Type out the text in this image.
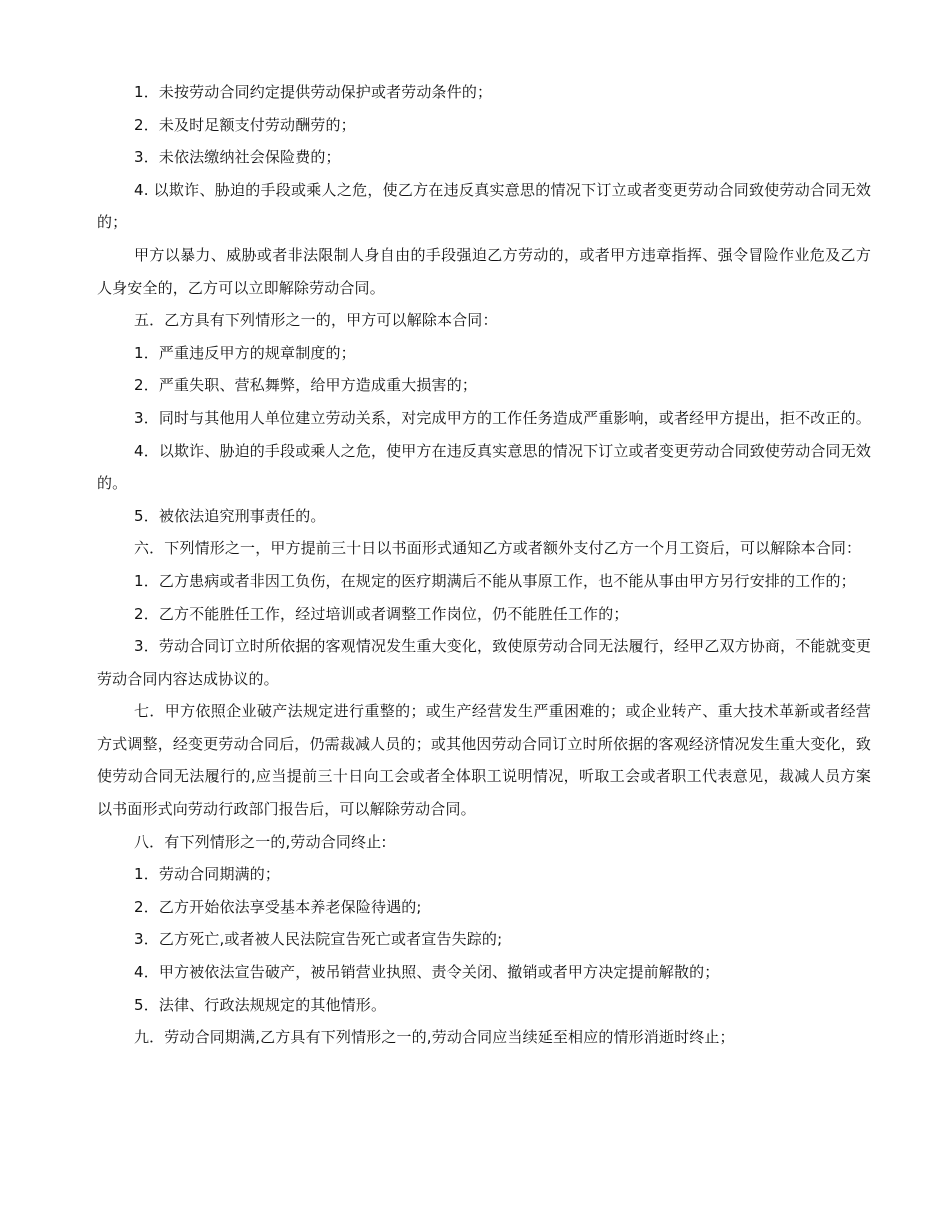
1．未按劳动合同约定提供劳动保护或者劳动条件的；

2．未及时足额支付劳动酬劳的；

3．未依法缴纳社会保险费的；

4. 以欺诈、胁迫的手段或乘人之危，使乙方在违反真实意思的情况下订立或者变更劳动合同致使劳动合同无效的；

甲方以暴力、威胁或者非法限制人身自由的手段强迫乙方劳动的，或者甲方违章指挥、强令冒险作业危及乙方人身安全的，乙方可以立即解除劳动合同。

五．乙方具有下列情形之一的，甲方可以解除本合同：

1．严重违反甲方的规章制度的；

2．严重失职、营私舞弊，给甲方造成重大损害的；

3．同时与其他用人单位建立劳动关系，对完成甲方的工作任务造成严重影响，或者经甲方提出，拒不改正的。

4．以欺诈、胁迫的手段或乘人之危，使甲方在违反真实意思的情况下订立或者变更劳动合同致使劳动合同无效的。

5．被依法追究刑事责任的。

六．下列情形之一，甲方提前三十日以书面形式通知乙方或者额外支付乙方一个月工资后，可以解除本合同：

1．乙方患病或者非因工负伤，在规定的医疗期满后不能从事原工作，也不能从事由甲方另行安排的工作的；

2．乙方不能胜任工作，经过培训或者调整工作岗位，仍不能胜任工作的；

3．劳动合同订立时所依据的客观情况发生重大变化，致使原劳动合同无法履行，经甲乙双方协商，不能就变更劳动合同内容达成协议的。

七．甲方依照企业破产法规定进行重整的；或生产经营发生严重困难的；或企业转产、重大技术革新或者经营方式调整，经变更劳动合同后，仍需裁减人员的；或其他因劳动合同订立时所依据的客观经济情况发生重大变化，致使劳动合同无法履行的,应当提前三十日向工会或者全体职工说明情况，听取工会或者职工代表意见，裁减人员方案以书面形式向劳动行政部门报告后，可以解除劳动合同。

八．有下列情形之一的,劳动合同终止:

1．劳动合同期满的；

2．乙方开始依法享受基本养老保险待遇的;

3．乙方死亡,或者被人民法院宣告死亡或者宣告失踪的;

4．甲方被依法宣告破产，被吊销营业执照、责令关闭、撤销或者甲方决定提前解散的；

5．法律、行政法规规定的其他情形。

九．劳动合同期满,乙方具有下列情形之一的,劳动合同应当续延至相应的情形消逝时终止；
